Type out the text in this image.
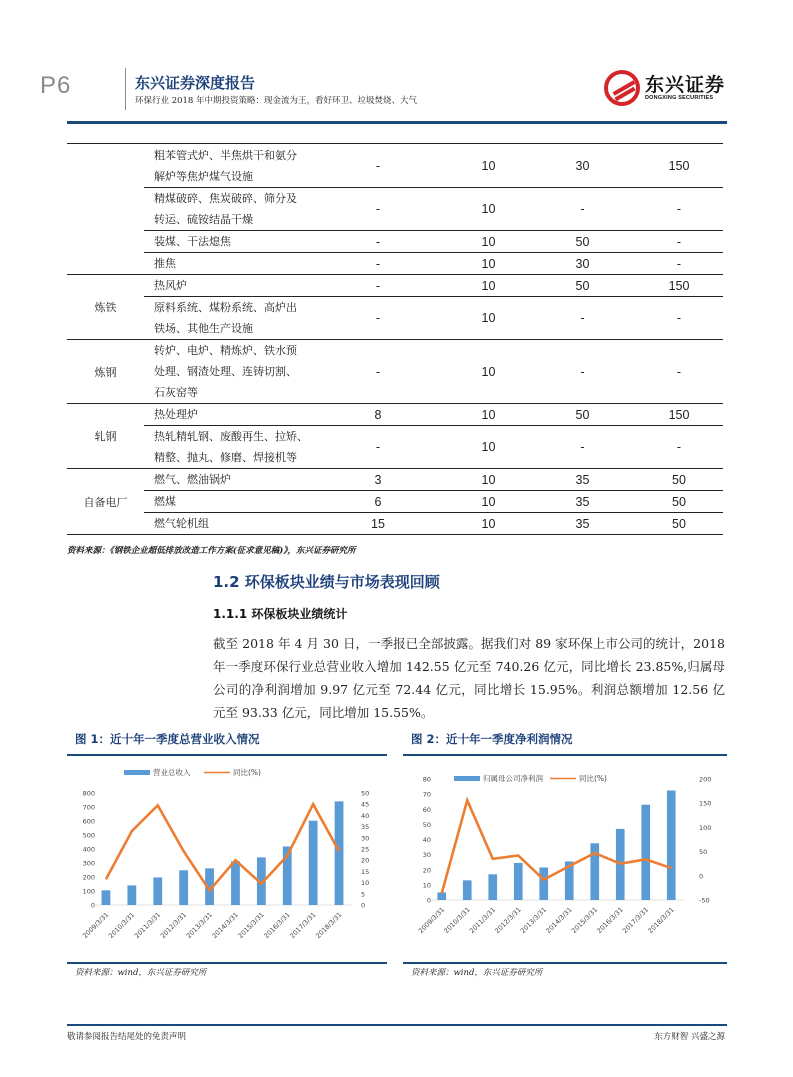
P6	东兴证券深度报告
环保行业 2018 年中期投资策略：现金流为王，看好环卫、垃圾焚烧、大气
东兴证券
DONGXING SECURITIES

	粗苯管式炉、半焦烘干和氨分
解炉等焦炉煤气设施	-	10	30	150

	精煤破碎、焦炭破碎、筛分及
转运、硫铵结晶干燥	-	10	-	-

	装煤、干法熄焦	-	10	50	-

	推焦	-	10	30	-
炼铁	热风炉	-	10	50	150

	原料系统、煤粉系统、高炉出
铁场、其他生产设施	-	10	-	-
炼钢	转炉、电炉、精炼炉、铁水预
处理、钢渣处理、连铸切割、
石灰窑等	-	10	-	-
轧钢	热处理炉	8	10	50	150

	热轧精轧钢、废酸再生、拉矫、
精整、抛丸、修磨、焊接机等	-	10	-	-
自备电厂	燃气、燃油锅炉	3	10	35	50

	燃煤	6	10	35	50

	燃气轮机组	15	10	35	50
资料来源：《钢铁企业超低排放改造工作方案(征求意见稿)》，东兴证券研究所
1.2 环保板块业绩与市场表现回顾
1.1.1 环保板块业绩统计
截至 2018 年 4 月 30 日，一季报已全部披露。据我们对 89 家环保上市公司的统计，2018 年一季度环保行业总营业收入增加 142.55 亿元至 740.26 亿元，同比增长 23.85%,归属母公司的净利润增加 9.97 亿元至 72.44 亿元，同比增长 15.95%。利润总额增加 12.56 亿元至 93.33 亿元，同比增加 15.55%。
图 1：近十年一季度总营业收入情况
营业总收入	同比(%)
0
100
200
300
400
500
600
700
800
0
5
10
15
20
25
30
35
40
45
50
2009/3/31
2010/3/31
2011/3/31
2012/3/31
2013/3/31
2014/3/31
2015/3/31
2016/3/31
2017/3/31
2018/3/31
资料来源：wind，东兴证券研究所
图 2：近十年一季度净利润情况
归属母公司净利润	同比(%)
0
10
20
30
40
50
60
70
80
-50
0
50
100
150
200
2009/3/31
2010/3/31
2011/3/31
2012/3/31
2013/3/31
2014/3/31
2015/3/31
2016/3/31
2017/3/31
2018/3/31
资料来源：wind，东兴证券研究所
敬请参阅报告结尾处的免责声明	东方财智 兴盛之源
